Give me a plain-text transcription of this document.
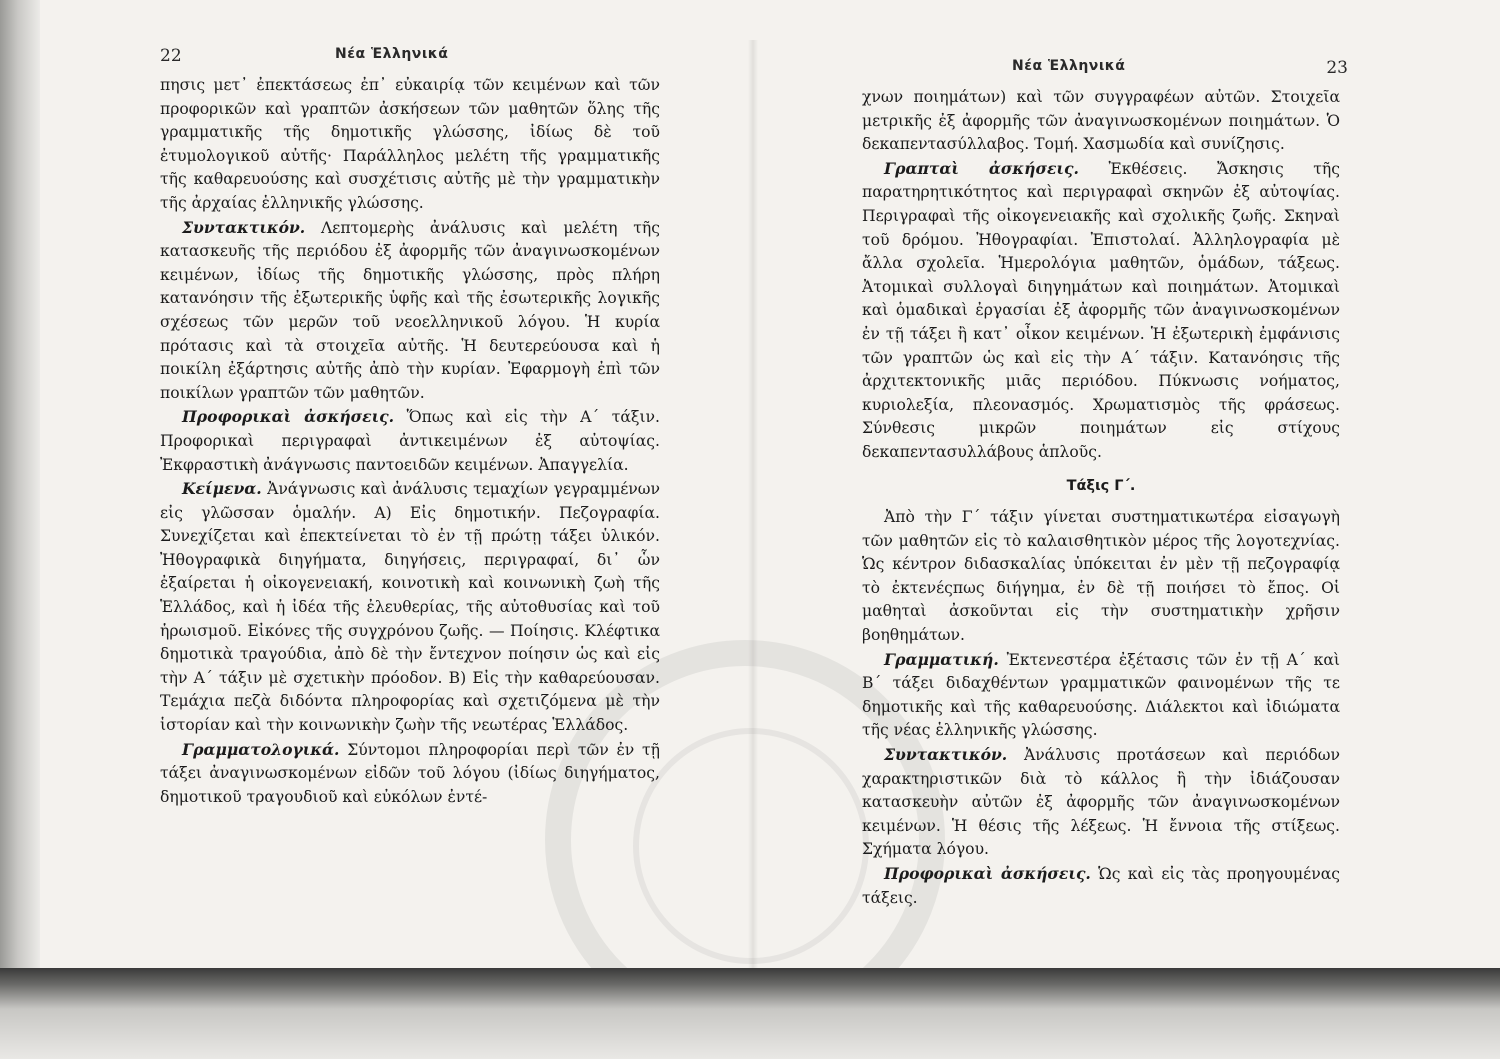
22	Νέα Ἑλληνικά

πησις μετ᾽ ἐπεκτάσεως ἐπ᾽ εὐκαιρίᾳ τῶν κειμένων καὶ τῶν προφορικῶν καὶ γραπτῶν ἀσκήσεων τῶν μαθητῶν ὅλης τῆς γραμματικῆς τῆς δημοτικῆς γλώσσης, ἰδίως δὲ τοῦ ἐτυμολογικοῦ αὐτῆς· Παράλληλος μελέτη τῆς γραμματικῆς τῆς καθαρευούσης καὶ συσχέτισις αὐτῆς μὲ τὴν γραμματικὴν τῆς ἀρχαίας ἑλληνικῆς γλώσσης.

Συντακτικόν. Λεπτομερὴς ἀνάλυσις καὶ μελέτη τῆς κατασκευῆς τῆς περιόδου ἐξ ἀφορμῆς τῶν ἀναγινωσκομένων κειμένων, ἰδίως τῆς δημοτικῆς γλώσσης, πρὸς πλήρη κατανόησιν τῆς ἐξωτερικῆς ὑφῆς καὶ τῆς ἐσωτερικῆς λογικῆς σχέσεως τῶν μερῶν τοῦ νεοελληνικοῦ λόγου. Ἡ κυρία πρότασις καὶ τὰ στοιχεῖα αὐτῆς. Ἡ δευτερεύουσα καὶ ἡ ποικίλη ἐξάρτησις αὐτῆς ἀπὸ τὴν κυρίαν. Ἐφαρμογὴ ἐπὶ τῶν ποικίλων γραπτῶν τῶν μαθητῶν.

Προφορικαὶ ἀσκήσεις. Ὅπως καὶ εἰς τὴν Α΄ τάξιν. Προφορικαὶ περιγραφαὶ ἀντικειμένων ἐξ αὐτοψίας. Ἐκφραστικὴ ἀνάγνωσις παντοειδῶν κειμένων. Ἀπαγγελία.

Κείμενα. Ἀνάγνωσις καὶ ἀνάλυσις τεμαχίων γεγραμμένων εἰς γλῶσσαν ὁμαλήν. Α) Εἰς δημοτικήν. Πεζογραφία. Συνεχίζεται καὶ ἐπεκτείνεται τὸ ἐν τῇ πρώτῃ τάξει ὑλικόν. Ἠθογραφικὰ διηγήματα, διηγήσεις, περιγραφαί, δι᾽ ὧν ἐξαίρεται ἡ οἰκογενειακή, κοινοτικὴ καὶ κοινωνικὴ ζωὴ τῆς Ἑλλάδος, καὶ ἡ ἰδέα τῆς ἐλευθερίας, τῆς αὐτοθυσίας καὶ τοῦ ἡρωισμοῦ. Εἰκόνες τῆς συγχρόνου ζωῆς. — Ποίησις. Κλέφτικα δημοτικὰ τραγούδια, ἀπὸ δὲ τὴν ἔντεχνον ποίησιν ὡς καὶ εἰς τὴν Α΄ τάξιν μὲ σχετικὴν πρόοδον. Β) Εἰς τὴν καθαρεύουσαν. Τεμάχια πεζὰ διδόντα πληροφορίας καὶ σχετιζόμενα μὲ τὴν ἱστορίαν καὶ τὴν κοινωνικὴν ζωὴν τῆς νεωτέρας Ἑλλάδος.

Γραμματολογικά. Σύντομοι πληροφορίαι περὶ τῶν ἐν τῇ τάξει ἀναγινωσκομένων εἰδῶν τοῦ λόγου (ἰδίως διηγήματος, δημοτικοῦ τραγουδιοῦ καὶ εὐκόλων ἐντέ-

Νέα Ἑλληνικά	23

χνων ποιημάτων) καὶ τῶν συγγραφέων αὐτῶν. Στοιχεῖα μετρικῆς ἐξ ἀφορμῆς τῶν ἀναγινωσκομένων ποιημάτων. Ὁ δεκαπεντασύλλαβος. Τομή. Χασμωδία καὶ συνίζησις.

Γραπταὶ ἀσκήσεις. Ἐκθέσεις. Ἄσκησις τῆς παρατηρητικότητος καὶ περιγραφαὶ σκηνῶν ἐξ αὐτοψίας. Περιγραφαὶ τῆς οἰκογενειακῆς καὶ σχολικῆς ζωῆς. Σκηναὶ τοῦ δρόμου. Ἠθογραφίαι. Ἐπιστολαί. Ἀλληλογραφία μὲ ἄλλα σχολεῖα. Ἡμερολόγια μαθητῶν, ὁμάδων, τάξεως. Ἀτομικαὶ συλλογαὶ διηγημάτων καὶ ποιημάτων. Ἀτομικαὶ καὶ ὁμαδικαὶ ἐργασίαι ἐξ ἀφορμῆς τῶν ἀναγινωσκομένων ἐν τῇ τάξει ἢ κατ᾽ οἶκον κειμένων. Ἡ ἐξωτερικὴ ἐμφάνισις τῶν γραπτῶν ὡς καὶ εἰς τὴν Α΄ τάξιν. Κατανόησις τῆς ἀρχιτεκτονικῆς μιᾶς περιόδου. Πύκνωσις νοήματος, κυριολεξία, πλεονασμός. Χρωματισμὸς τῆς φράσεως. Σύνθεσις μικρῶν ποιημάτων εἰς στίχους δεκαπεντασυλλάβους ἁπλοῦς.

Τάξις Γ΄.

Ἀπὸ τὴν Γ΄ τάξιν γίνεται συστηματικωτέρα εἰσαγωγὴ τῶν μαθητῶν εἰς τὸ καλαισθητικὸν μέρος τῆς λογοτεχνίας. Ὡς κέντρον διδασκαλίας ὑπόκειται ἐν μὲν τῇ πεζογραφίᾳ τὸ ἐκτενέςπως διήγημα, ἐν δὲ τῇ ποιήσει τὸ ἔπος. Οἱ μαθηταὶ ἀσκοῦνται εἰς τὴν συστηματικὴν χρῆσιν βοηθημάτων.

Γραμματική. Ἐκτενεστέρα ἐξέτασις τῶν ἐν τῇ Α΄ καὶ Β΄ τάξει διδαχθέντων γραμματικῶν φαινομένων τῆς τε δημοτικῆς καὶ τῆς καθαρευούσης. Διάλεκτοι καὶ ἰδιώματα τῆς νέας ἑλληνικῆς γλώσσης.

Συντακτικόν. Ἀνάλυσις προτάσεων καὶ περιόδων χαρακτηριστικῶν διὰ τὸ κάλλος ἢ τὴν ἰδιάζουσαν κατασκευὴν αὐτῶν ἐξ ἀφορμῆς τῶν ἀναγινωσκομένων κειμένων. Ἡ θέσις τῆς λέξεως. Ἡ ἔννοια τῆς στίξεως. Σχήματα λόγου.

Προφορικαὶ ἀσκήσεις. Ὡς καὶ εἰς τὰς προηγουμένας τάξεις.
